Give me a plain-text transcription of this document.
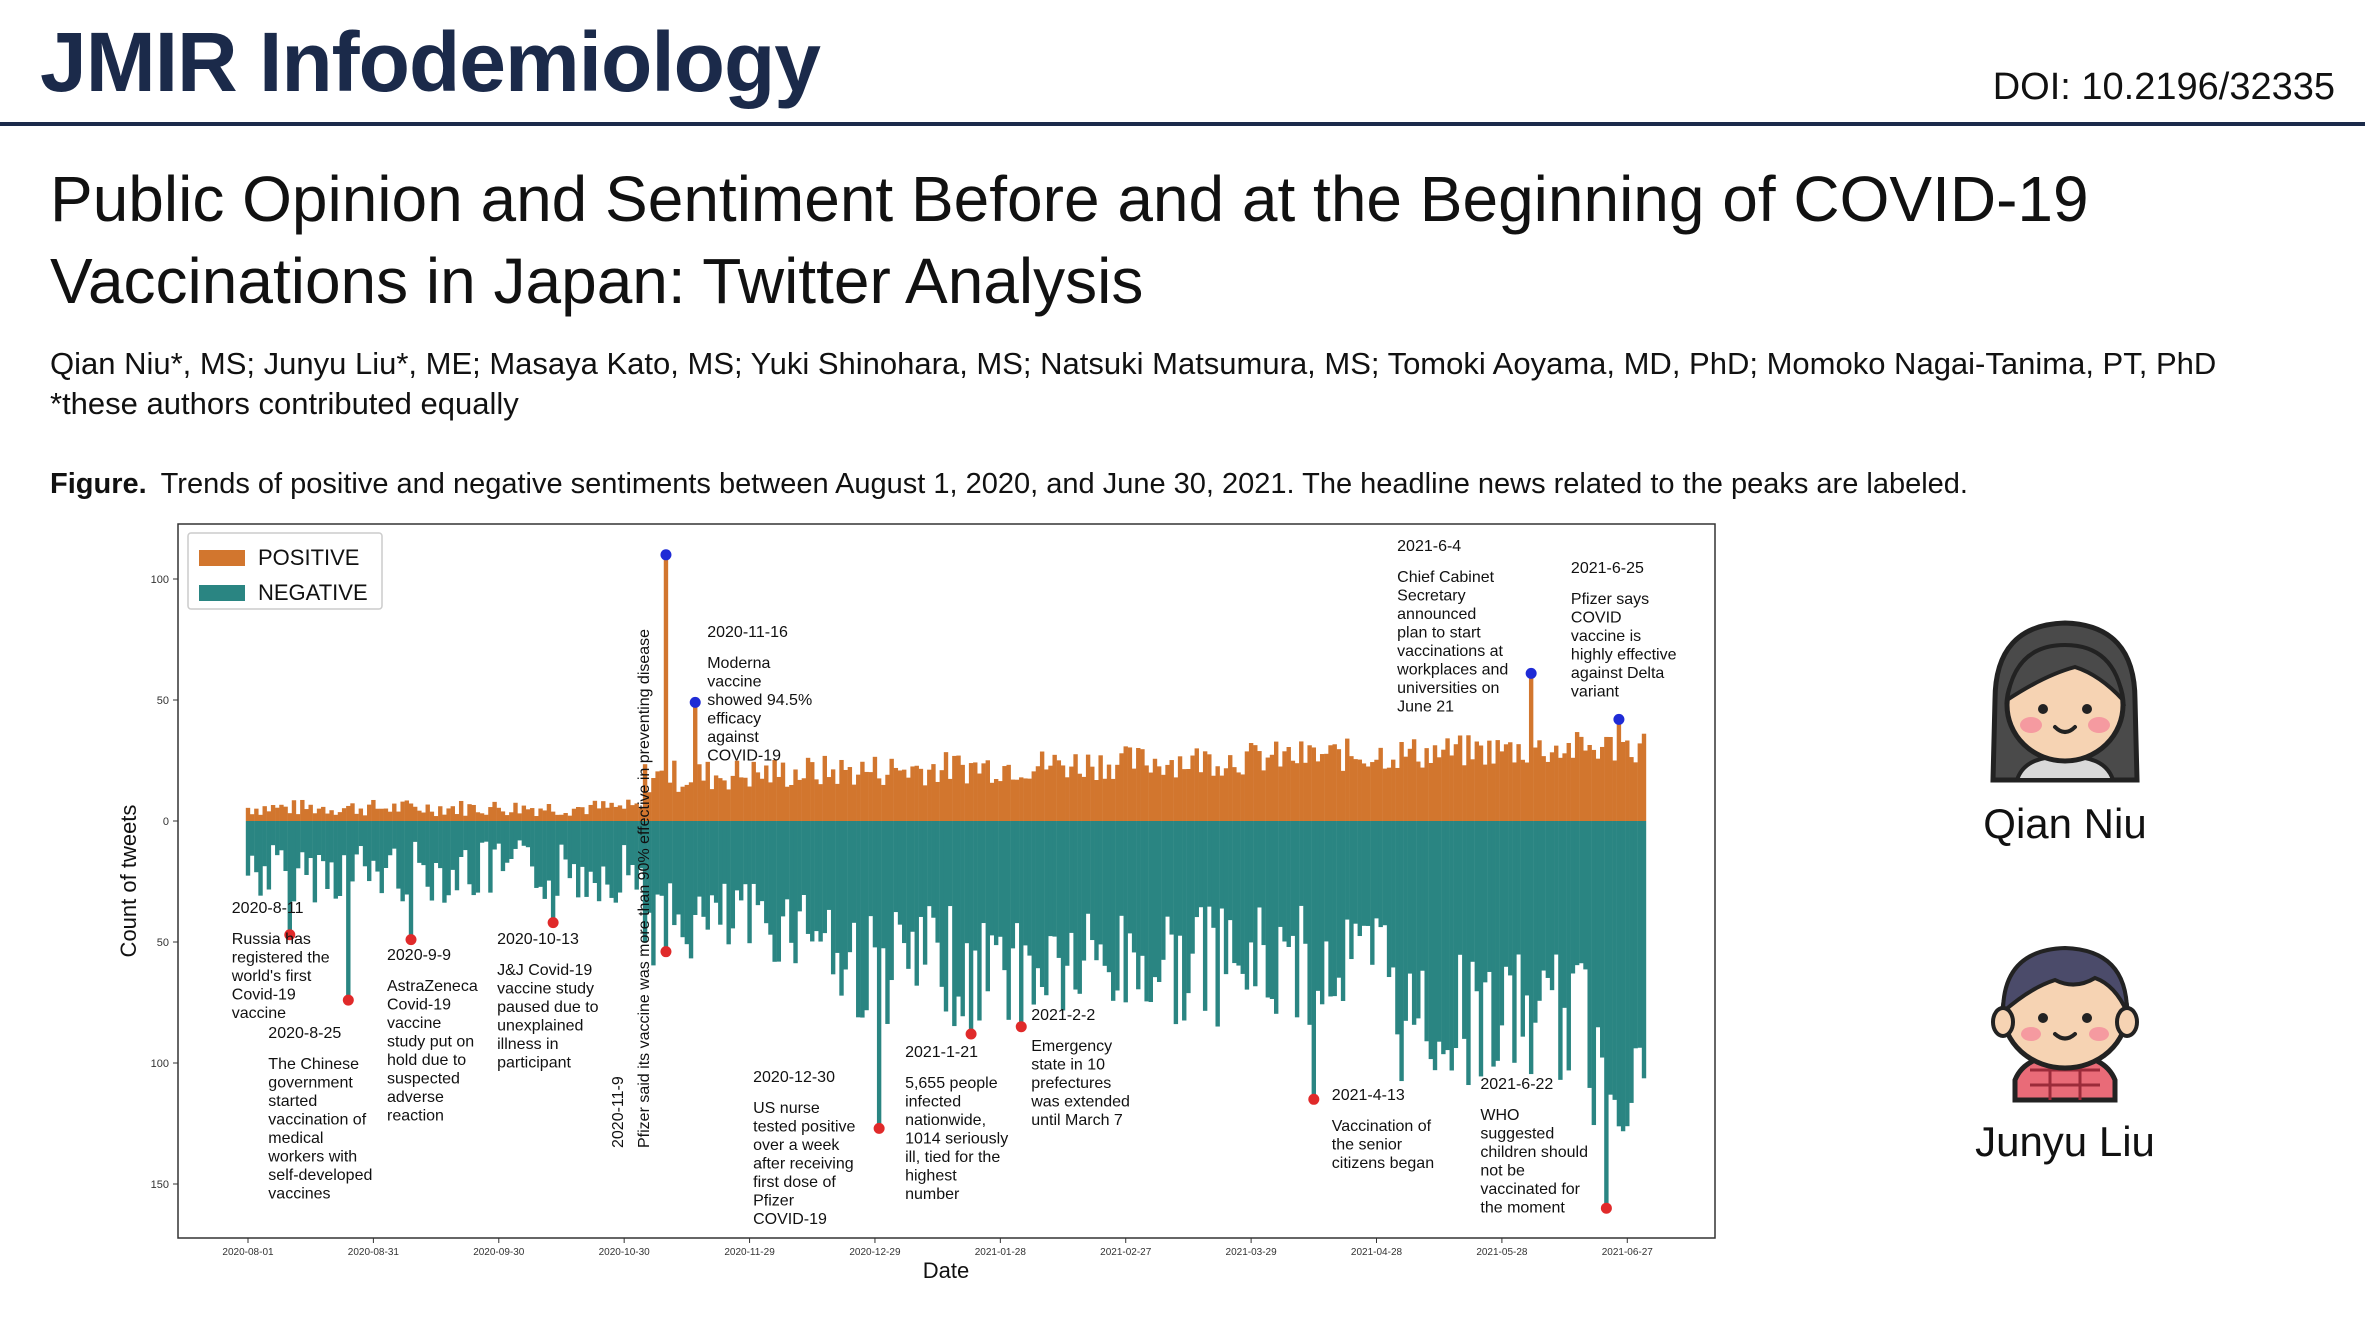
JMIR Infodemiology	DOI: 10.2196/32335
Public Opinion and Sentiment Before and at the Beginning of COVID-19 Vaccinations in Japan: Twitter Analysis
Qian Niu*, MS; Junyu Liu*, ME; Masaya Kato, MS; Yuki Shinohara, MS; Natsuki Matsumura, MS; Tomoki Aoyama, MD, PhD; Momoko Nagai-Tanima, PT, PhD
*these authors contributed equally
Figure. Trends of positive and negative sentiments between August 1, 2020, and June 30, 2021. The headline news related to the peaks are labeled.
100
50
0
50
100
150
2020-08-01	2020-08-31	2020-09-30	2020-10-30	2020-11-29	2020-12-29	2021-01-28	2021-02-27	2021-03-29	2021-04-28	2021-05-28	2021-06-27
Date
Count of tweets	2020-8-11
Russia has
registered the
world's first
Covid-19
vaccine
2020-8-25
The Chinese
government
started
vaccination of
medical
workers with
self-developed
vaccines
2020-9-9
AstraZeneca
Covid-19
vaccine
study put on
hold due to
suspected
adverse
reaction
2020-10-13
J&J Covid-19
vaccine study
paused due to
unexplained
illness in
participant	Pfizer said its vaccine was more than 90% effective in preventing disease
2020-11-9
2020-11-16
Moderna
vaccine
showed 94.5%
efficacy
against
COVID-19
2020-12-30
US nurse
tested positive
over a week
after receiving
first dose of
Pfizer
COVID-19
2021-1-21
5,655 people
infected
nationwide,
1014 seriously
ill, tied for the
highest
number
2021-2-2
Emergency
state in 10
prefectures
was extended
until March 7
2021-4-13
Vaccination of
the senior
citizens began
2021-6-4
Chief Cabinet
Secretary
announced
plan to start
vaccinations at
workplaces and
universities on
June 21
2021-6-22
WHO
suggested
children should
not be
vaccinated for
the moment
2021-6-25
Pfizer says
COVID
vaccine is
highly effective
against Delta
variant
POSITIVE
NEGATIVE
Qian Niu
Junyu Liu
